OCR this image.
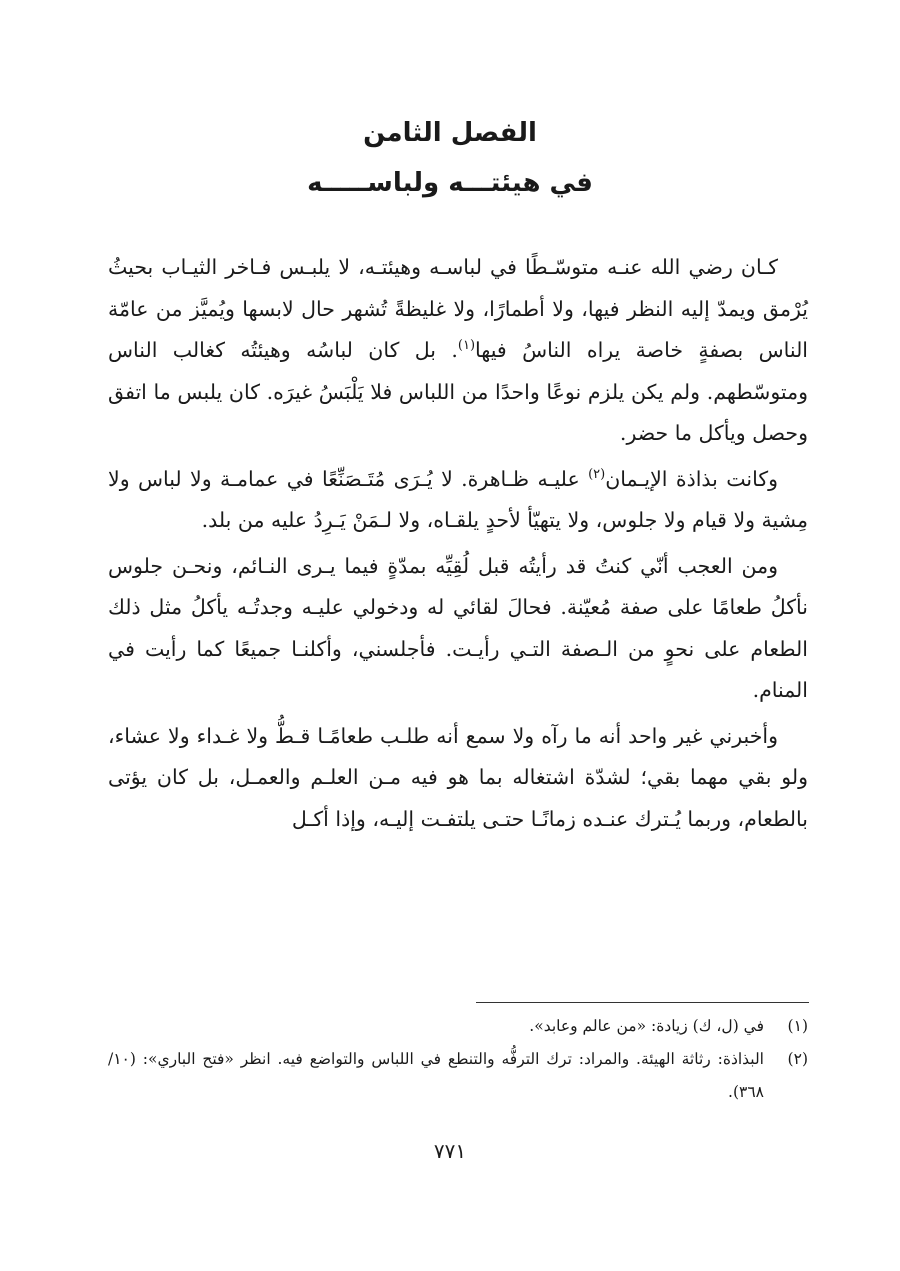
الفصل الثامن
في هيئتـــه ولباســـــه

كـان رضي الله عنـه متوسّـطًا في لباسـه وهيئتـه، لا يلبـس فـاخر الثيـاب بحيثُ يُرْمق ويمدّ إليه النظر فيها، ولا أطمارًا، ولا غليظةً تُشهر حال لابسها ويُميَّز من عامّة الناس بصفةٍ خاصة يراه الناسُ فيها$^{(١)}$. بل كان لباسُه وهيئتُه كغالب الناس ومتوسّطهم. ولم يكن يلزم نوعًا واحدًا من اللباس فلا يَلْبَسُ غيرَه. كان يلبس ما اتفق وحصل ويأكل ما حضر.

وكانت بذاذة الإيـمان$^{(٢)}$ عليـه ظـاهرة. لا يُـرَى مُتَـصَنِّعًا في عمامـة ولا لباس ولا مِشية ولا قيام ولا جلوس، ولا يتهيّأ لأحدٍ يلقـاه، ولا لـمَنْ يَـرِدُ عليه من بلد.

ومن العجب أنّي كنتُ قد رأيتُه قبل لُقِيِّه بمدّةٍ فيما يـرى النـائم، ونحـن جلوس نأكلُ طعامًا على صفة مُعيّنة. فحالَ لقائي له ودخولي عليـه وجدتُـه يأكلُ مثل ذلك الطعام على نحوٍ من الـصفة التـي رأيـت. فأجلسني، وأكلنـا جميعًا كما رأيت في المنام.

وأخبرني غير واحد أنه ما رآه ولا سمع أنه طلـب طعامًـا قـطُّ ولا غـداء ولا عشاء، ولو بقي مهما بقي؛ لشدّة اشتغاله بما هو فيه مـن العلـم والعمـل، بل كان يؤتى بالطعام، وربما يُـترك عنـده زمانًـا حتـى يلتفـت إليـه، وإذا أكـل

(١)
في (ل، ك) زيادة: «من عالم وعابد».
(٢)
البذاذة: رثاثة الهيئة. والمراد: ترك الترفُّه والتنطع في اللباس والتواضع فيه. انظر «فتح الباري»: (١٠/ ٣٦٨).
٧٧١
